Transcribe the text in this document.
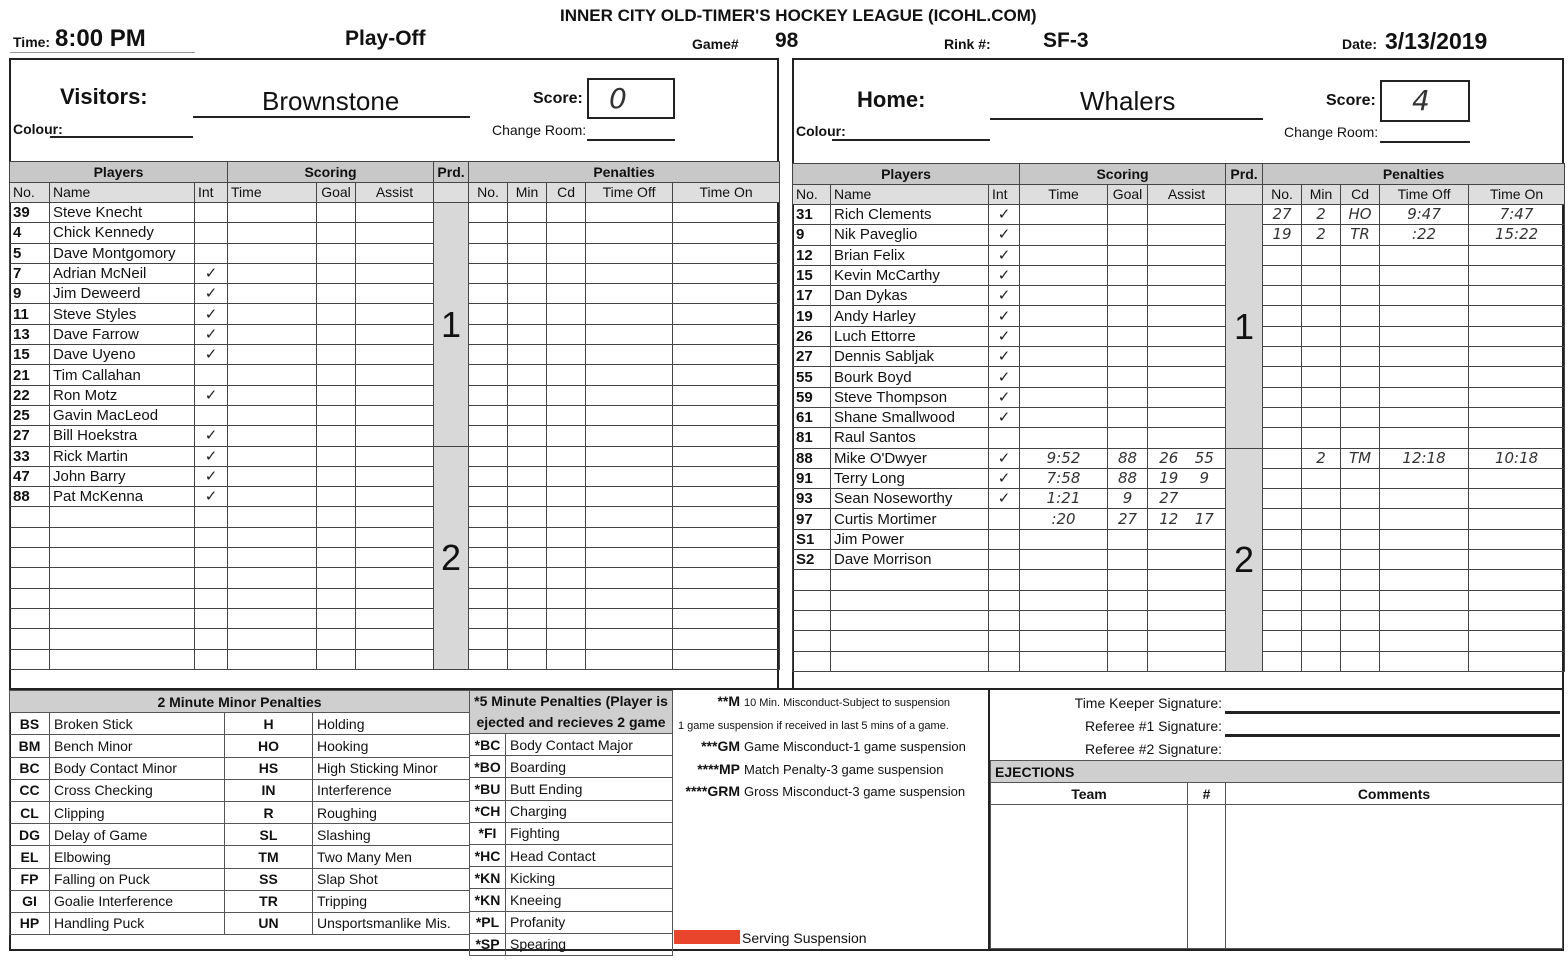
INNER CITY OLD-TIMER'S HOCKEY LEAGUE (ICOHL.COM)
Time: 8:00 PM	Play-Off	Game# 98	Rink #: SF-3	Date: 3/13/2019
Visitors:	Brownstone	Score: 0
Colour:	Change Room:
Players			Scoring			Prd.	Penalties				
No.	Name	Int	Time	Goal	Assist		No.	Min	Cd	Time Off	Time On
39	Steve Knecht					1					
4	Chick Kennedy										
5	Dave Montgomory										
7	Adrian McNeil	✓									
9	Jim Deweerd	✓									
11	Steve Styles	✓									
13	Dave Farrow	✓									
15	Dave Uyeno	✓									
21	Tim Callahan										
22	Ron Motz	✓									
25	Gavin MacLeod										
27	Bill Hoekstra	✓									
33	Rick Martin	✓				2					
47	John Barry	✓									
88	Pat McKenna	✓									

Home:	Whalers	Score:	4
Colour:	Change Room:
Players			Scoring			Prd.	Penalties				
No.	Name	Int	Time	Goal	Assist		No.	Min	Cd	Time Off	Time On
31	Rich Clements	✓				1	27	2	HO	9:47	7:47
9	Nik Paveglio	✓					19	2	TR	:22	15:22
12	Brian Felix	✓									
15	Kevin McCarthy	✓									
17	Dan Dykas	✓									
19	Andy Harley	✓									
26	Luch Ettorre	✓									
27	Dennis Sabljak	✓									
55	Bourk Boyd	✓									
59	Steve Thompson	✓									
61	Shane Smallwood	✓									
81	Raul Santos										
88	Mike O'Dwyer	✓	9:52	88	26 55	2		2	TM	12:18	10:18
91	Terry Long	✓	7:58	88	19 9						
93	Sean Noseworthy	✓	1:21	9	27						
97	Curtis Mortimer		:20	27	12 17						
S1	Jim Power										
S2	Dave Morrison										

2 Minute Minor Penalties			
BS	Broken Stick	H	Holding
BM	Bench Minor	HO	Hooking
BC	Body Contact Minor	HS	High Sticking Minor
CC	Cross Checking	IN	Interference
CL	Clipping	R	Roughing
DG	Delay of Game	SL	Slashing
EL	Elbowing	TM	Two Many Men
FP	Falling on Puck	SS	Slap Shot
GI	Goalie Interference	TR	Tripping
HP	Handling Puck	UN	Unsportsmanlike Mis.
*5 Minute Penalties (Player is
ejected and recieves 2 game	
*BC	Body Contact Major
*BO	Boarding
*BU	Butt Ending
*CH	Charging
*FI	Fighting
*HC	Head Contact
*KN	Kicking
*KN	Kneeing
*PL	Profanity
*SP	Spearing
**M 10 Min. Misconduct-Subject to suspension
1 game suspension if received in last 5 mins of a game.
***GM Game Misconduct-1 game suspension
****MP Match Penalty-3 game suspension
****GRM Gross Misconduct-3 game suspension
Serving Suspension
Time Keeper Signature:
Referee #1 Signature:
Referee #2 Signature:
EJECTIONS		
Team	#	Comments
